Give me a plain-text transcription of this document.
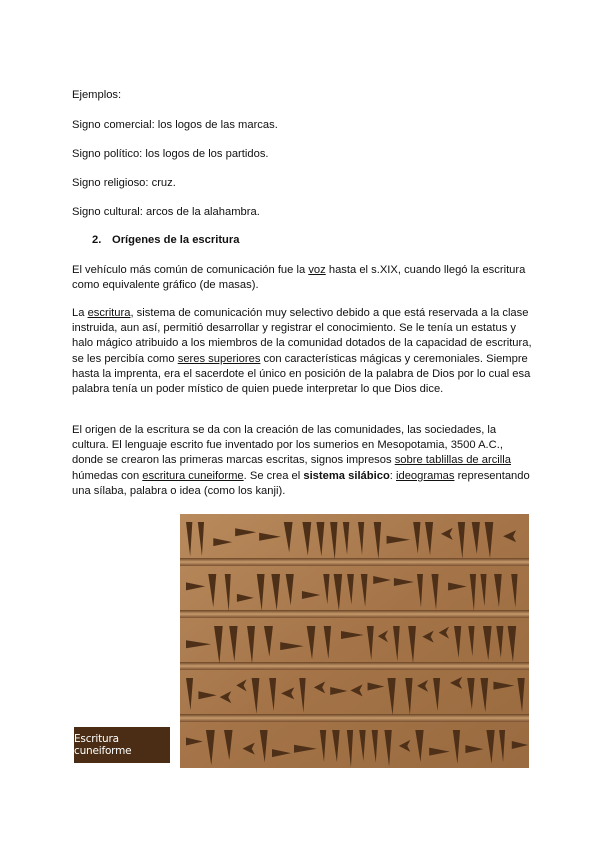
Ejemplos:

Signo comercial: los logos de las marcas.

Signo político: los logos de los partidos.

Signo religioso: cruz.

Signo cultural: arcos de la alahambra.

2. Orígenes de la escritura

El vehículo más común de comunicación fue la voz hasta el s.XIX, cuando llegó la escritura como equivalente gráfico (de masas).

La escritura, sistema de comunicación muy selectivo debido a que está reservada a la clase instruida, aun así, permitió desarrollar y registrar el conocimiento. Se le tenía un estatus y halo mágico atribuido a los miembros de la comunidad dotados de la capacidad de escritura, se les percibía como seres superiores con características mágicas y ceremoniales. Siempre hasta la imprenta, era el sacerdote el único en posición de la palabra de Dios por lo cual esa palabra tenía un poder místico de quien puede interpretar lo que Dios dice.

El origen de la escritura se da con la creación de las comunidades, las sociedades, la cultura. El lenguaje escrito fue inventado por los sumerios en Mesopotamia, 3500 A.C., donde se crearon las primeras marcas escritas, signos impresos sobre tablillas de arcilla húmedas con escritura cuneiforme. Se crea el sistema silábico: ideogramas representando una sílaba, palabra o idea (como los kanji).

Escritura cuneiforme
